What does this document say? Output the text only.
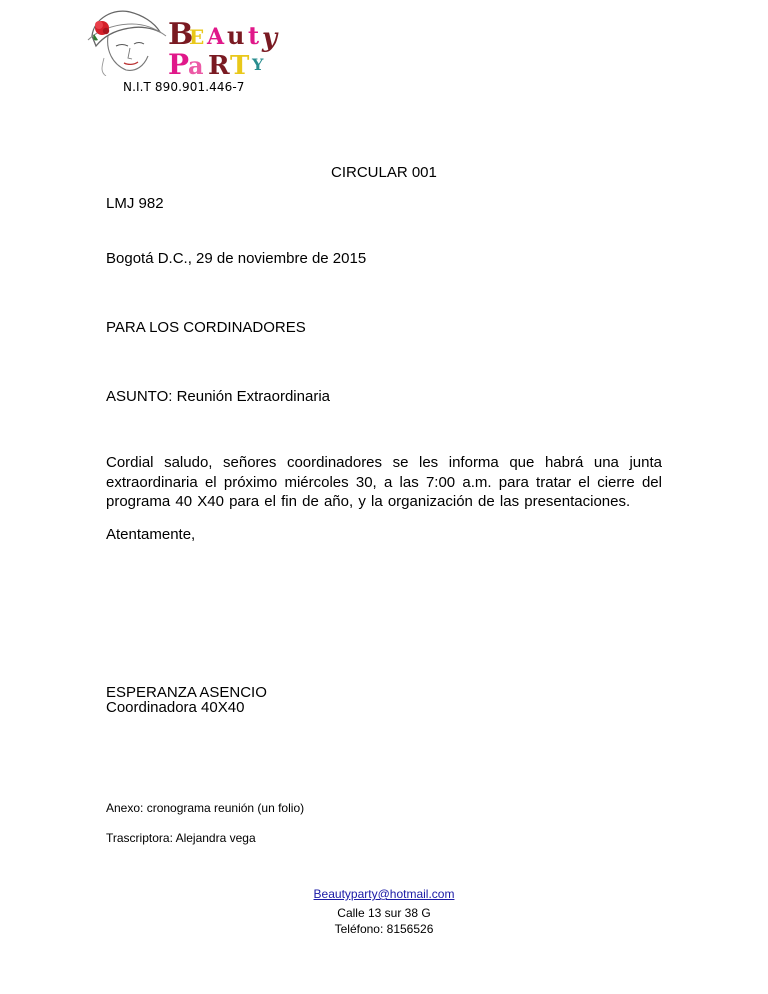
B
E A u t y
P
a R T Y
N.I.T 890.901.446-7
CIRCULAR 001
LMJ 982
Bogotá D.C., 29 de noviembre de 2015
PARA LOS CORDINADORES
ASUNTO: Reunión Extraordinaria
Cordial saludo, señores coordinadores se les informa que habrá una junta extraordinaria el próximo miércoles 30, a las 7:00 a.m. para tratar el cierre del programa 40 X40 para el fin de año, y la organización de las presentaciones.
Atentamente,
ESPERANZA ASENCIO
Coordinadora 40X40
Anexo: cronograma reunión (un folio)
Trascriptora: Alejandra vega
Beautyparty@hotmail.com
Calle 13 sur 38 G
Teléfono: 8156526
